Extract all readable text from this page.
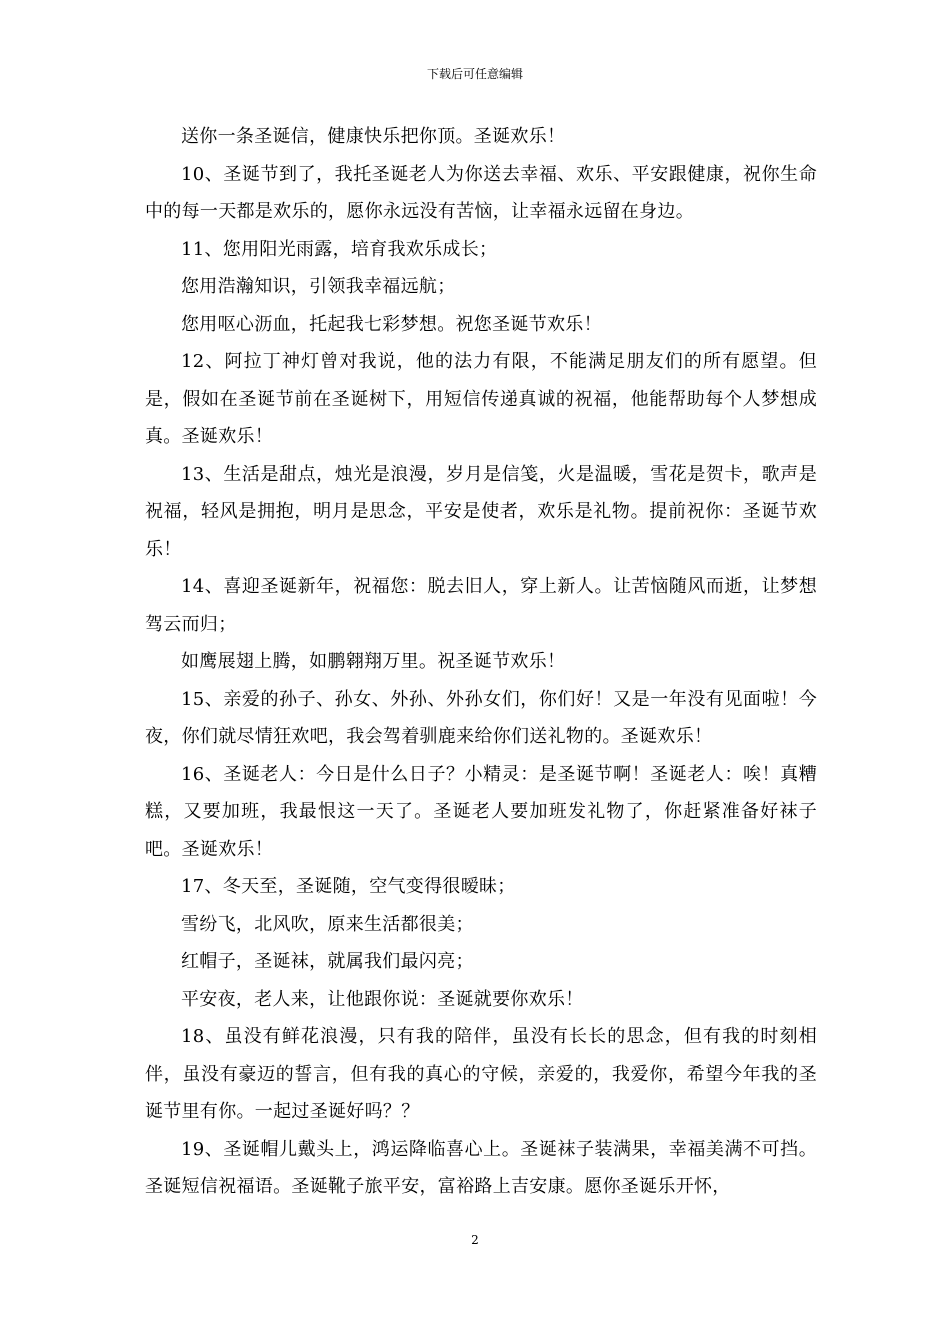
下载后可任意编辑

送你一条圣诞信，健康快乐把你顶。圣诞欢乐！

10、圣诞节到了，我托圣诞老人为你送去幸福、欢乐、平安跟健康，祝你生命中的每一天都是欢乐的，愿你永远没有苦恼，让幸福永远留在身边。

11、您用阳光雨露，培育我欢乐成长；

您用浩瀚知识，引领我幸福远航；

您用呕心沥血，托起我七彩梦想。祝您圣诞节欢乐！

12、阿拉丁神灯曾对我说，他的法力有限，不能满足朋友们的所有愿望。但是，假如在圣诞节前在圣诞树下，用短信传递真诚的祝福，他能帮助每个人梦想成真。圣诞欢乐！

13、生活是甜点，烛光是浪漫，岁月是信笺，火是温暖，雪花是贺卡，歌声是祝福，轻风是拥抱，明月是思念，平安是使者，欢乐是礼物。提前祝你：圣诞节欢乐！

14、喜迎圣诞新年，祝福您：脱去旧人，穿上新人。让苦恼随风而逝，让梦想驾云而归；

如鹰展翅上腾，如鹏翱翔万里。祝圣诞节欢乐！

15、亲爱的孙子、孙女、外孙、外孙女们，你们好！又是一年没有见面啦！今夜，你们就尽情狂欢吧，我会驾着驯鹿来给你们送礼物的。圣诞欢乐！

16、圣诞老人：今日是什么日子？小精灵：是圣诞节啊！圣诞老人：唉！真糟糕，又要加班，我最恨这一天了。圣诞老人要加班发礼物了，你赶紧准备好袜子吧。圣诞欢乐！

17、冬天至，圣诞随，空气变得很暧昧；

雪纷飞，北风吹，原来生活都很美；

红帽子，圣诞袜，就属我们最闪亮；

平安夜，老人来，让他跟你说：圣诞就要你欢乐！

18、虽没有鲜花浪漫，只有我的陪伴，虽没有长长的思念，但有我的时刻相伴，虽没有豪迈的誓言，但有我的真心的守候，亲爱的，我爱你，希望今年我的圣诞节里有你。一起过圣诞好吗？？

19、圣诞帽儿戴头上，鸿运降临喜心上。圣诞袜子装满果，幸福美满不可挡。圣诞短信祝福语。圣诞靴子旅平安，富裕路上吉安康。愿你圣诞乐开怀，

2
